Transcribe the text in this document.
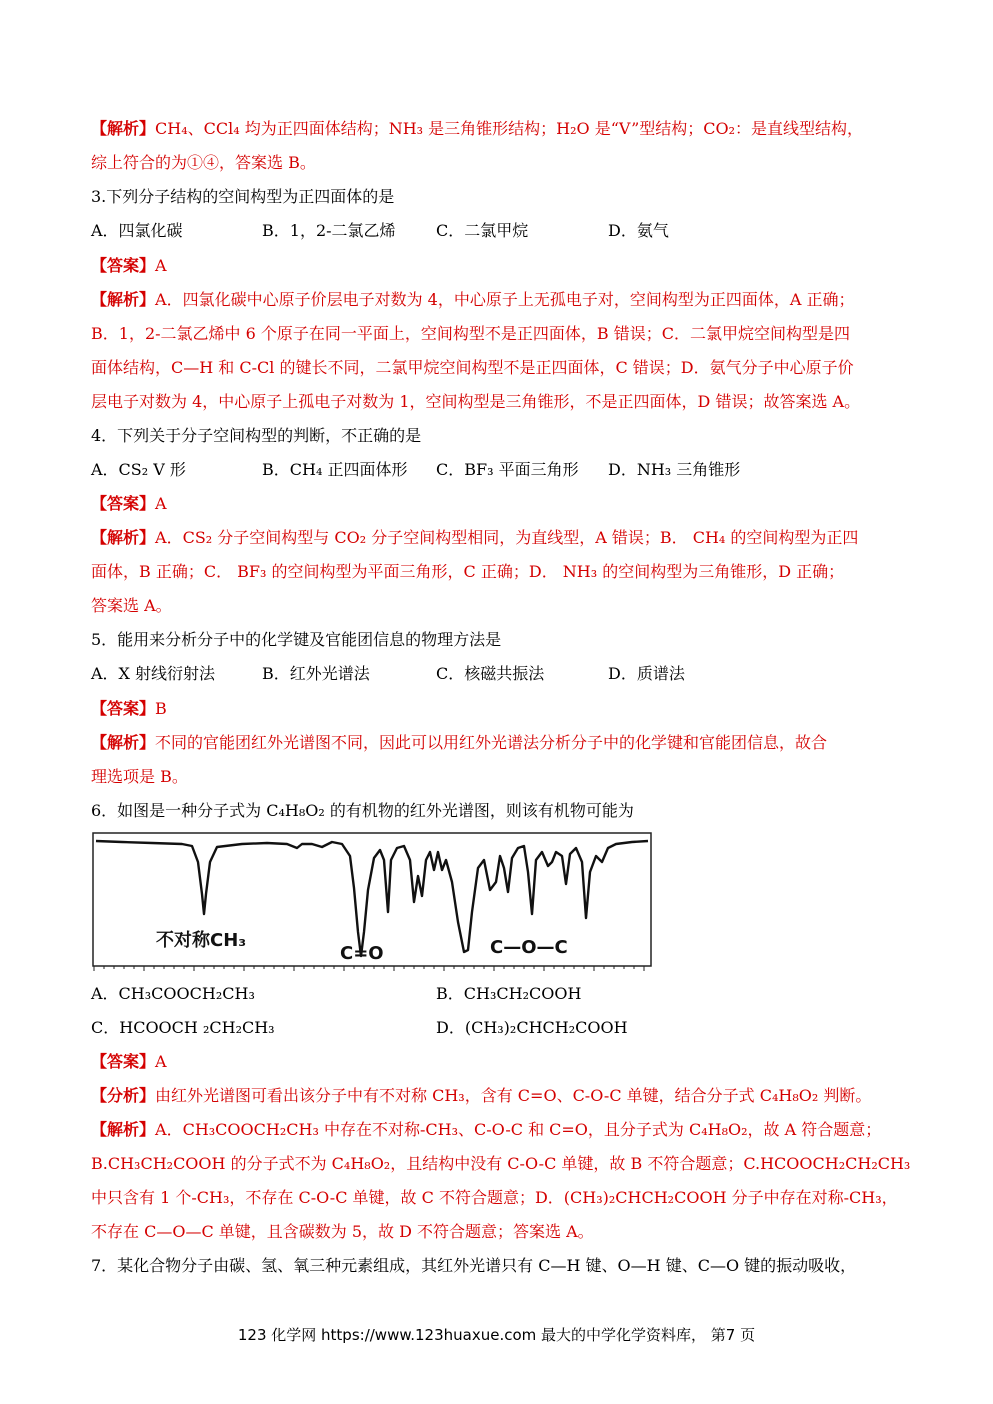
【解析】CH₄、CCl₄ 均为正四面体结构；NH₃ 是三角锥形结构；H₂O 是“V”型结构；CO₂：是直线型结构，
综上符合的为①④，答案选 B。
3.下列分子结构的空间构型为正四面体的是
A．四氯化碳	B．1，2-二氯乙烯	C．二氯甲烷	D．氨气
【答案】A
【解析】A．四氯化碳中心原子价层电子对数为 4，中心原子上无孤电子对，空间构型为正四面体，A 正确；
B．1，2-二氯乙烯中 6 个原子在同一平面上，空间构型不是正四面体，B 错误；C．二氯甲烷空间构型是四
面体结构，C—H 和 C-Cl 的键长不同，二氯甲烷空间构型不是正四面体，C 错误；D．氨气分子中心原子价
层电子对数为 4，中心原子上孤电子对数为 1，空间构型是三角锥形，不是正四面体，D 错误；故答案选 A。
4．下列关于分子空间构型的判断，不正确的是
A．CS₂ V 形	B．CH₄ 正四面体形 C．BF₃ 平面三角形 D．NH₃ 三角锥形
【答案】A
【解析】A．CS₂ 分子空间构型与 CO₂ 分子空间构型相同，为直线型，A 错误；B． CH₄ 的空间构型为正四
面体，B 正确；C． BF₃ 的空间构型为平面三角形，C 正确；D． NH₃ 的空间构型为三角锥形，D 正确；
答案选 A。
5．能用来分析分子中的化学键及官能团信息的物理方法是
A．X 射线衍射法	B．红外光谱法	C．核磁共振法	D．质谱法
【答案】B
【解析】不同的官能团红外光谱图不同，因此可以用红外光谱法分析分子中的化学键和官能团信息，故合
理选项是 B。
6．如图是一种分子式为 C₄H₈O₂ 的有机物的红外光谱图，则该有机物可能为
不对称CH₃
C=O	C—O—C
A．CH₃COOCH₂CH₃	B．CH₃CH₂COOH
C．HCOOCH ₂CH₂CH₃	D．(CH₃)₂CHCH₂COOH
【答案】A
【分析】由红外光谱图可看出该分子中有不对称 CH₃，含有 C=O、C-O-C 单键，结合分子式 C₄H₈O₂ 判断。
【解析】A．CH₃COOCH₂CH₃ 中存在不对称-CH₃、C-O-C 和 C=O，且分子式为 C₄H₈O₂，故 A 符合题意；
B.CH₃CH₂COOH 的分子式不为 C₄H₈O₂，且结构中没有 C-O-C 单键，故 B 不符合题意；C.HCOOCH₂CH₂CH₃
中只含有 1 个-CH₃，不存在 C-O-C 单键，故 C 不符合题意；D．(CH₃)₂CHCH₂COOH 分子中存在对称-CH₃，
不存在 C—O—C 单键，且含碳数为 5，故 D 不符合题意；答案选 A。
7．某化合物分子由碳、氢、氧三种元素组成，其红外光谱只有 C—H 键、O—H 键、C—O 键的振动吸收，
123 化学网 https://www.123huaxue.com 最大的中学化学资料库， 第7 页
